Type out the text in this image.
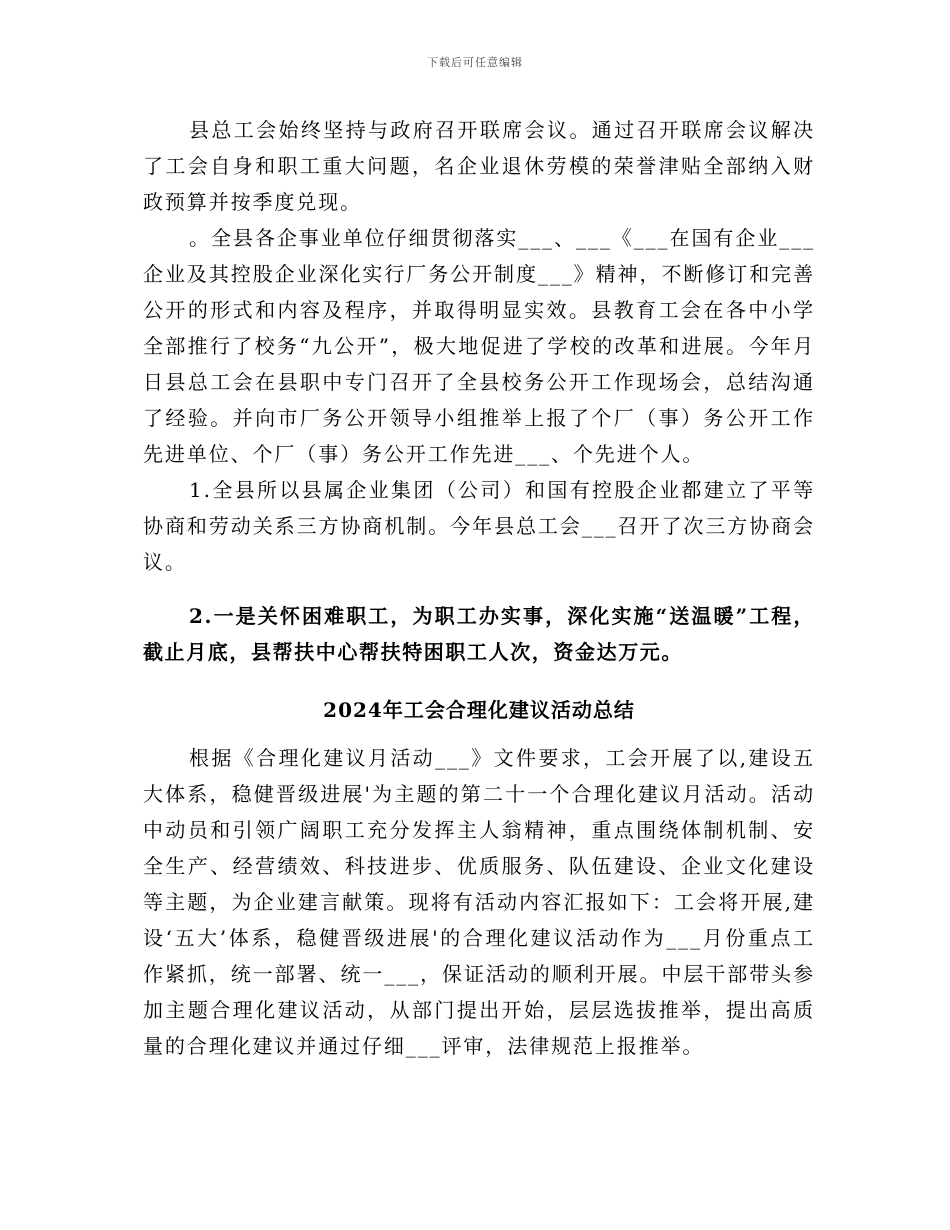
下载后可任意编辑

县总工会始终坚持与政府召开联席会议。通过召开联席会议解决了工会自身和职工重大问题，名企业退休劳模的荣誉津贴全部纳入财政预算并按季度兑现。

。全县各企事业单位仔细贯彻落实___、___《___在国有企业___企业及其控股企业深化实行厂务公开制度___》精神，不断修订和完善公开的形式和内容及程序，并取得明显实效。县教育工会在各中小学全部推行了校务“九公开”，极大地促进了学校的改革和进展。今年月日县总工会在县职中专门召开了全县校务公开工作现场会，总结沟通了经验。并向市厂务公开领导小组推举上报了个厂（事）务公开工作先进单位、个厂（事）务公开工作先进___、个先进个人。

1.全县所以县属企业集团（公司）和国有控股企业都建立了平等协商和劳动关系三方协商机制。今年县总工会___召开了次三方协商会议。

2.一是关怀困难职工，为职工办实事，深化实施“送温暖”工程，截止月底，县帮扶中心帮扶特困职工人次，资金达万元。

2024年工会合理化建议活动总结

根据《合理化建议月活动___》文件要求，工会开展了以,建设五大体系，稳健晋级进展'为主题的第二十一个合理化建议月活动。活动中动员和引领广阔职工充分发挥主人翁精神，重点围绕体制机制、安全生产、经营绩效、科技进步、优质服务、队伍建设、企业文化建设等主题，为企业建言献策。现将有活动内容汇报如下：工会将开展,建设‘五大’体系，稳健晋级进展'的合理化建议活动作为___月份重点工作紧抓，统一部署、统一___，保证活动的顺利开展。中层干部带头参加主题合理化建议活动，从部门提出开始，层层选拔推举，提出高质量的合理化建议并通过仔细___评审，法律规范上报推举。
